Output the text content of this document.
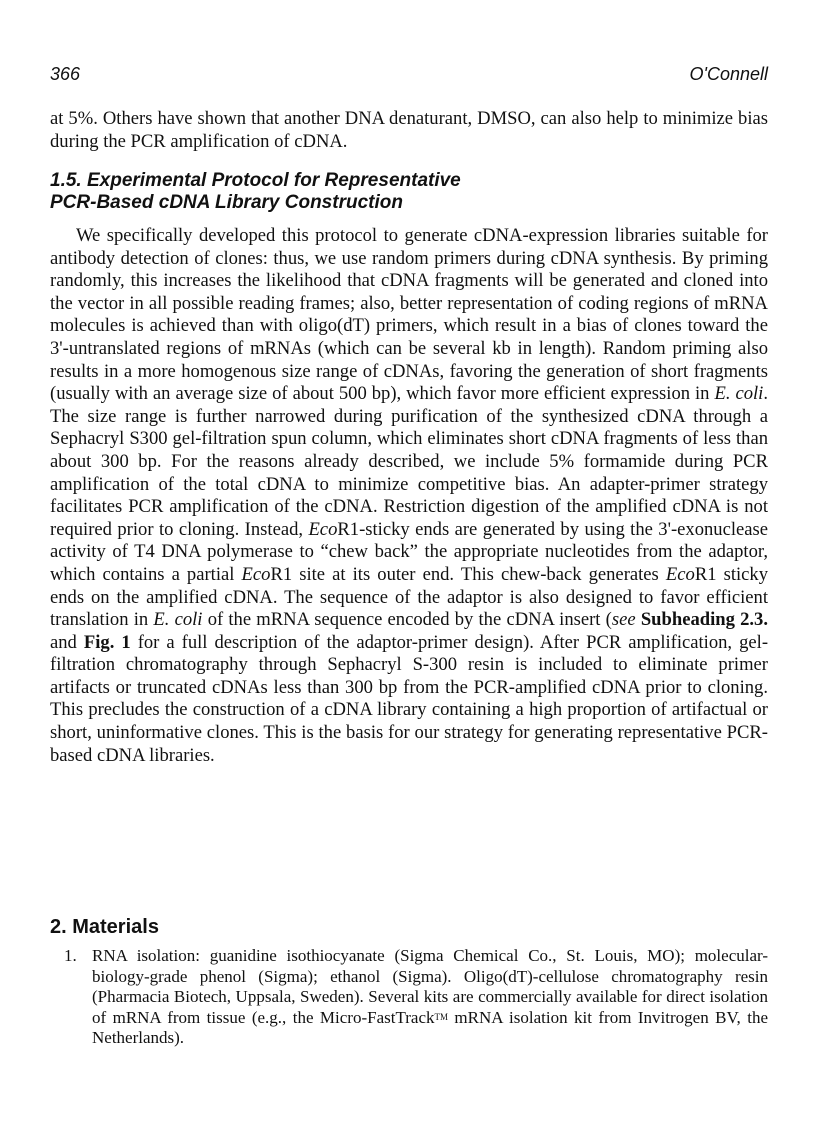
366	O'Connell
at 5%. Others have shown that another DNA denaturant, DMSO, can also help to minimize bias during the PCR amplification of cDNA.
1.5. Experimental Protocol for Representative
PCR-Based cDNA Library Construction
We specifically developed this protocol to generate cDNA-expression libraries suitable for antibody detection of clones: thus, we use random primers during cDNA synthesis. By priming randomly, this increases the likelihood that cDNA fragments will be generated and cloned into the vector in all possible reading frames; also, better representation of coding regions of mRNA molecules is achieved than with oligo(dT) primers, which result in a bias of clones toward the 3'-untranslated regions of mRNAs (which can be several kb in length). Random priming also results in a more homogenous size range of cDNAs, favoring the generation of short fragments (usually with an average size of about 500 bp), which favor more efficient expression in E. coli. The size range is further narrowed during purification of the synthesized cDNA through a Sephacryl S300 gel-filtration spun column, which eliminates short cDNA fragments of less than about 300 bp. For the reasons already described, we include 5% formamide during PCR amplification of the total cDNA to minimize competitive bias. An adapter-primer strategy facilitates PCR amplification of the cDNA. Restriction digestion of the amplified cDNA is not required prior to cloning. Instead, EcoR1-sticky ends are generated by using the 3'-exonuclease activity of T4 DNA polymerase to “chew back” the appropriate nucleotides from the adaptor, which contains a partial EcoR1 site at its outer end. This chew-back generates EcoR1 sticky ends on the amplified cDNA. The sequence of the adaptor is also designed to favor efficient translation in E. coli of the mRNA sequence encoded by the cDNA insert (see Subheading 2.3. and Fig. 1 for a full description of the adaptor-primer design). After PCR amplification, gel-filtration chromatography through Sephacryl S-300 resin is included to eliminate primer artifacts or truncated cDNAs less than 300 bp from the PCR-amplified cDNA prior to cloning. This precludes the construction of a cDNA library containing a high proportion of artifactual or short, uninformative clones. This is the basis for our strategy for generating representative PCR-based cDNA libraries.
2. Materials
1. RNA isolation: guanidine isothiocyanate (Sigma Chemical Co., St. Louis, MO); molecular-biology-grade phenol (Sigma); ethanol (Sigma). Oligo(dT)-cellulose chromatography resin (Pharmacia Biotech, Uppsala, Sweden). Several kits are commercially available for direct isolation of mRNA from tissue (e.g., the Micro-FastTrack™ mRNA isolation kit from Invitrogen BV, the Netherlands).
